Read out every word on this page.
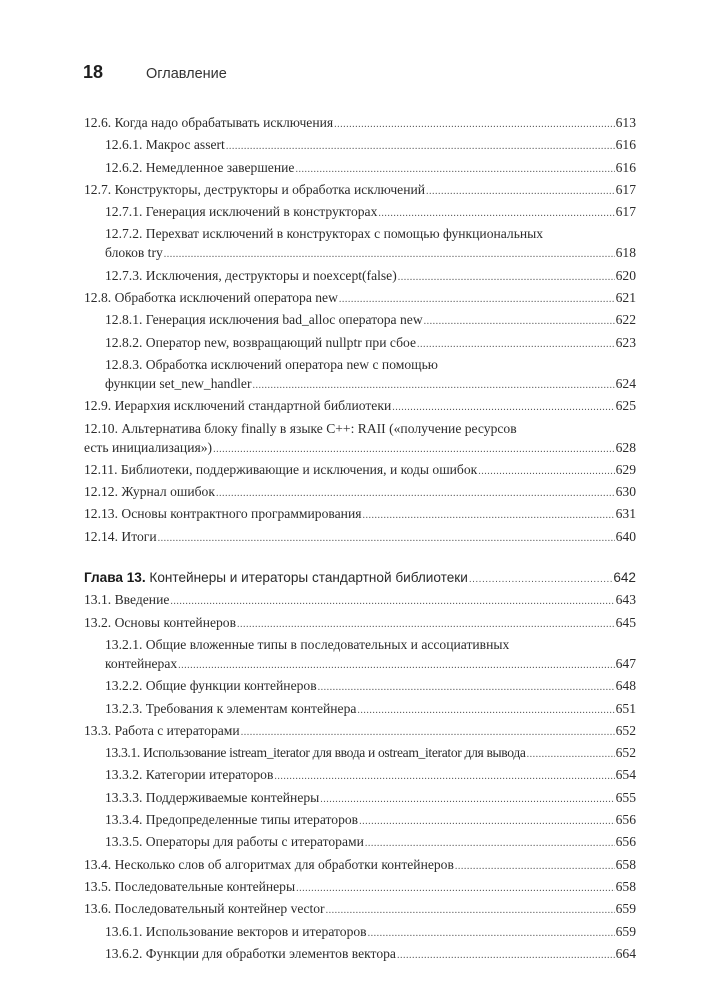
18	Оглавление
12.6. Когда надо обрабатывать исключения .....	613
12.6.1. Макрос assert .....	616
12.6.2. Немедленное завершение .....	616
12.7. Конструкторы, деструкторы и обработка исключений .....	617
12.7.1. Генерация исключений в конструкторах .....	617
12.7.2. Перехват исключений в конструкторах с помощью функциональных
блоков try .....	618
12.7.3. Исключения, деструкторы и noexcept(false) .....	620
12.8. Обработка исключений оператора new .....	621
12.8.1. Генерация исключения bad_alloc оператора new .....	622
12.8.2. Оператор new, возвращающий nullptr при сбое .....	623
12.8.3. Обработка исключений оператора new с помощью
функции set_new_handler .....	624
12.9. Иерархия исключений стандартной библиотеки .....	625
12.10. Альтернатива блоку finally в языке C++: RAII («получение ресурсов
есть инициализация») .....	628
12.11. Библиотеки, поддерживающие и исключения, и коды ошибок .....	629
12.12. Журнал ошибок .....	630
12.13. Основы контрактного программирования .....	631
12.14. Итоги .....	640
Глава 13. Контейнеры и итераторы стандартной библиотеки .....	642
13.1. Введение .....	643
13.2. Основы контейнеров .....	645
13.2.1. Общие вложенные типы в последовательных и ассоциативных
контейнерах .....	647
13.2.2. Общие функции контейнеров .....	648
13.2.3. Требования к элементам контейнера .....	651
13.3. Работа с итераторами .....	652
13.3.1. Использование istream_iterator для ввода и ostream_iterator для вывода .....	652
13.3.2. Категории итераторов .....	654
13.3.3. Поддерживаемые контейнеры .....	655
13.3.4. Предопределенные типы итераторов .....	656
13.3.5. Операторы для работы с итераторами .....	656
13.4. Несколько слов об алгоритмах для обработки контейнеров .....	658
13.5. Последовательные контейнеры .....	658
13.6. Последовательный контейнер vector .....	659
13.6.1. Использование векторов и итераторов .....	659
13.6.2. Функции для обработки элементов вектора .....	664
